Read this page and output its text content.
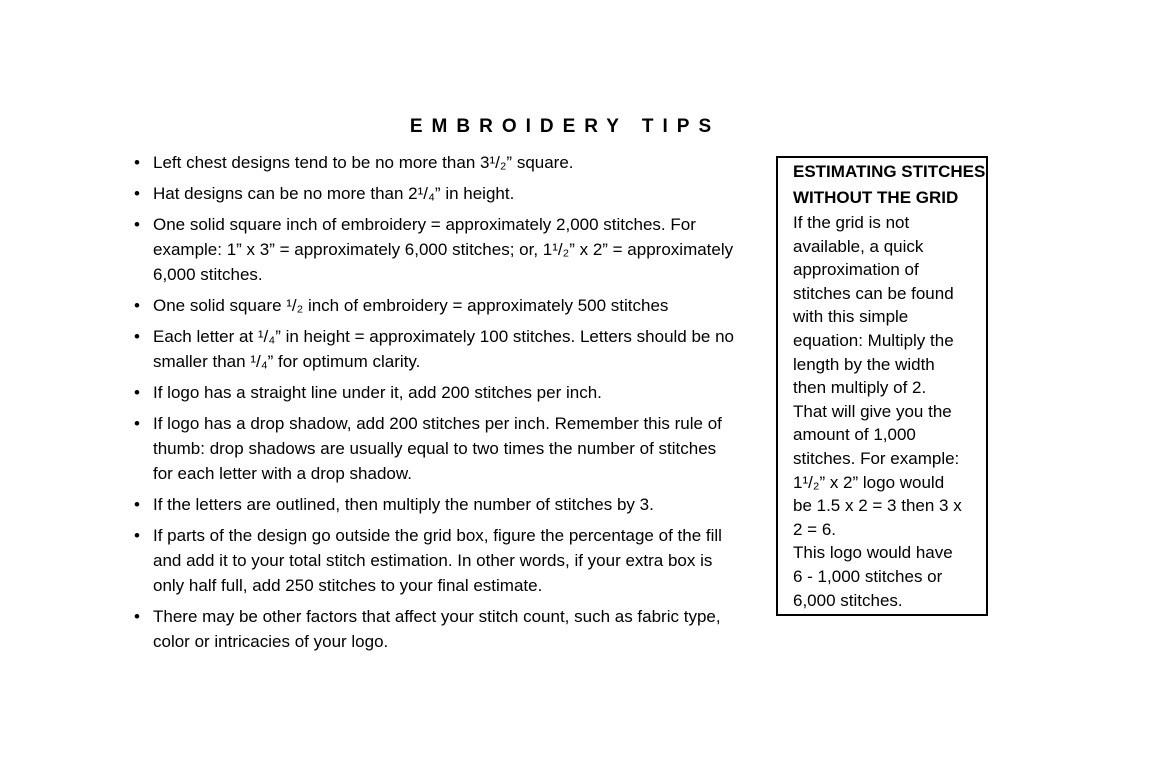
EMBROIDERY TIPS
• Left chest designs tend to be no more than 3¹/₂” square.
• Hat designs can be no more than 2¹/₄” in height.
• One solid square inch of embroidery = approximately 2,000 stitches. For
example: 1” x 3” = approximately 6,000 stitches; or, 1¹/₂” x 2” = approximately
6,000 stitches.
• One solid square ¹/₂ inch of embroidery = approximately 500 stitches
• Each letter at ¹/₄” in height = approximately 100 stitches. Letters should be no
smaller than ¹/₄” for optimum clarity.
• If logo has a straight line under it, add 200 stitches per inch.
• If logo has a drop shadow, add 200 stitches per inch. Remember this rule of
thumb: drop shadows are usually equal to two times the number of stitches
for each letter with a drop shadow.
• If the letters are outlined, then multiply the number of stitches by 3.
• If parts of the design go outside the grid box, figure the percentage of the fill
and add it to your total stitch estimation. In other words, if your extra box is
only half full, add 250 stitches to your final estimate.
• There may be other factors that affect your stitch count, such as fabric type,
color or intricacies of your logo.
ESTIMATING STITCHES
WITHOUT THE GRID
If the grid is not
available, a quick
approximation of
stitches can be found
with this simple
equation: Multiply the
length by the width
then multiply of 2.
That will give you the
amount of 1,000
stitches. For example:
1¹/₂” x 2” logo would
be 1.5 x 2 = 3 then 3 x
2 = 6.
This logo would have
6 - 1,000 stitches or
6,000 stitches.
